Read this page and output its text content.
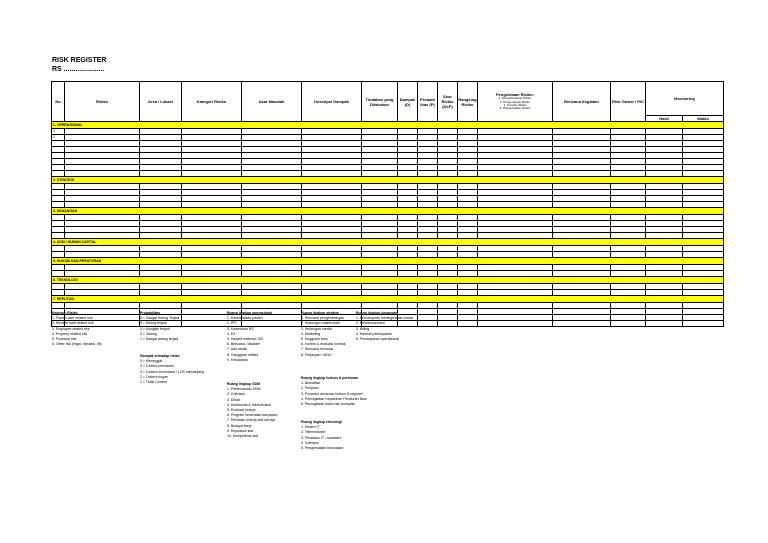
RISK REGISTER
RS .....................
No	Risiko	Area / Lokasi	Kategori Risiko	Akar Masalah	Deskripsi Dampak	Tindakan yang Dilakukan	Dampak (D)	Probabi litas (P)	Skor Risiko (DxP)	Rangking Risiko	Pengelolaan Risiko:
1. Pengehindaran Risiko
2. Pengurangan Risiko
3. Transfer Risiko
4. Pengendalian Risiko	Rencana Kegiatan	Risk Owner / PIC	Monitoring	
														Hasil	Waktu
1. OPERASIONAL															
1															
2															

2. STRATEGI															

3. KEUANGAN															

4. SDM / HUMAN CAPITAL															

5. HUKUM DAN PERATURAN															

6. TEKNOLOGI															

7. REPUTASI															

Kategori Risiko
1. Pasien care related risk
2. Medical staff related risk
3. Employee related risk
4. Property related risk
5. Financial risk
6. Other risk (legal, reputasi, dll)
Probabilitas
5 = Sangat Sering Terjadi
4 = Sering terjadi
3 = Mungkin terjadi
2 = Jarang
1 = Sangat jarang terjadi
Dampak terhadap risiko
5 = Meninggal
4 = Cedera permanen
3 = Cedera sementara / LOS memanjang
2 = Cedera ringan
1 = Tidak Cedera
Ruang lingkup operasional
1. Keselamatan pasien
2. PPI
3. Keamanan RS
4. K3
5. Hazard material / B3
6. Bencana / disaster
7. Alat medis
8. Gangguan utilitas
9. Kebakaran
Ruang lingkup SDM
1. Perencanaan SDM
2. Orientasi
3. Diklat
4. Kredensial & rekredensial
5. Evaluasi kinerja
6. Program kesehatan karyawan
7. Penilaian kinerja staf lainnya
8. Budaya kerja
9. Kepuasan staf
10. Kompetensi staf
Ruang lingkup strategi
1. Rencana pengembangan
2. Hubungan stakeholder
3. Hubungan media
4. Marketing
5. Unggulan baru
6. Kontrol & evaluasi kontrak
7. Rencana renovasi
8. Perjanjian / MOU
Ruang lingkup hukum & peraturan
1. Akreditasi
2. Perijinan
3. Prosedur ancaman hukum & regulasi
4. Peningkatan Kepatuhan Peraturan Baru
5. Peningkatan klaim dan komplain
Ruang lingkup teknologi
1. Sistem IT
2. Telemedicine
3. Peralatan IT / hardware
4. Software
5. Pengendalian kerusakan
Ruang lingkup keuangan
1. Kemampuan meningkatkan modal
2. Reimbursement
3. Billing
4. Metode pembayaran
5. Pembayaran operasional
